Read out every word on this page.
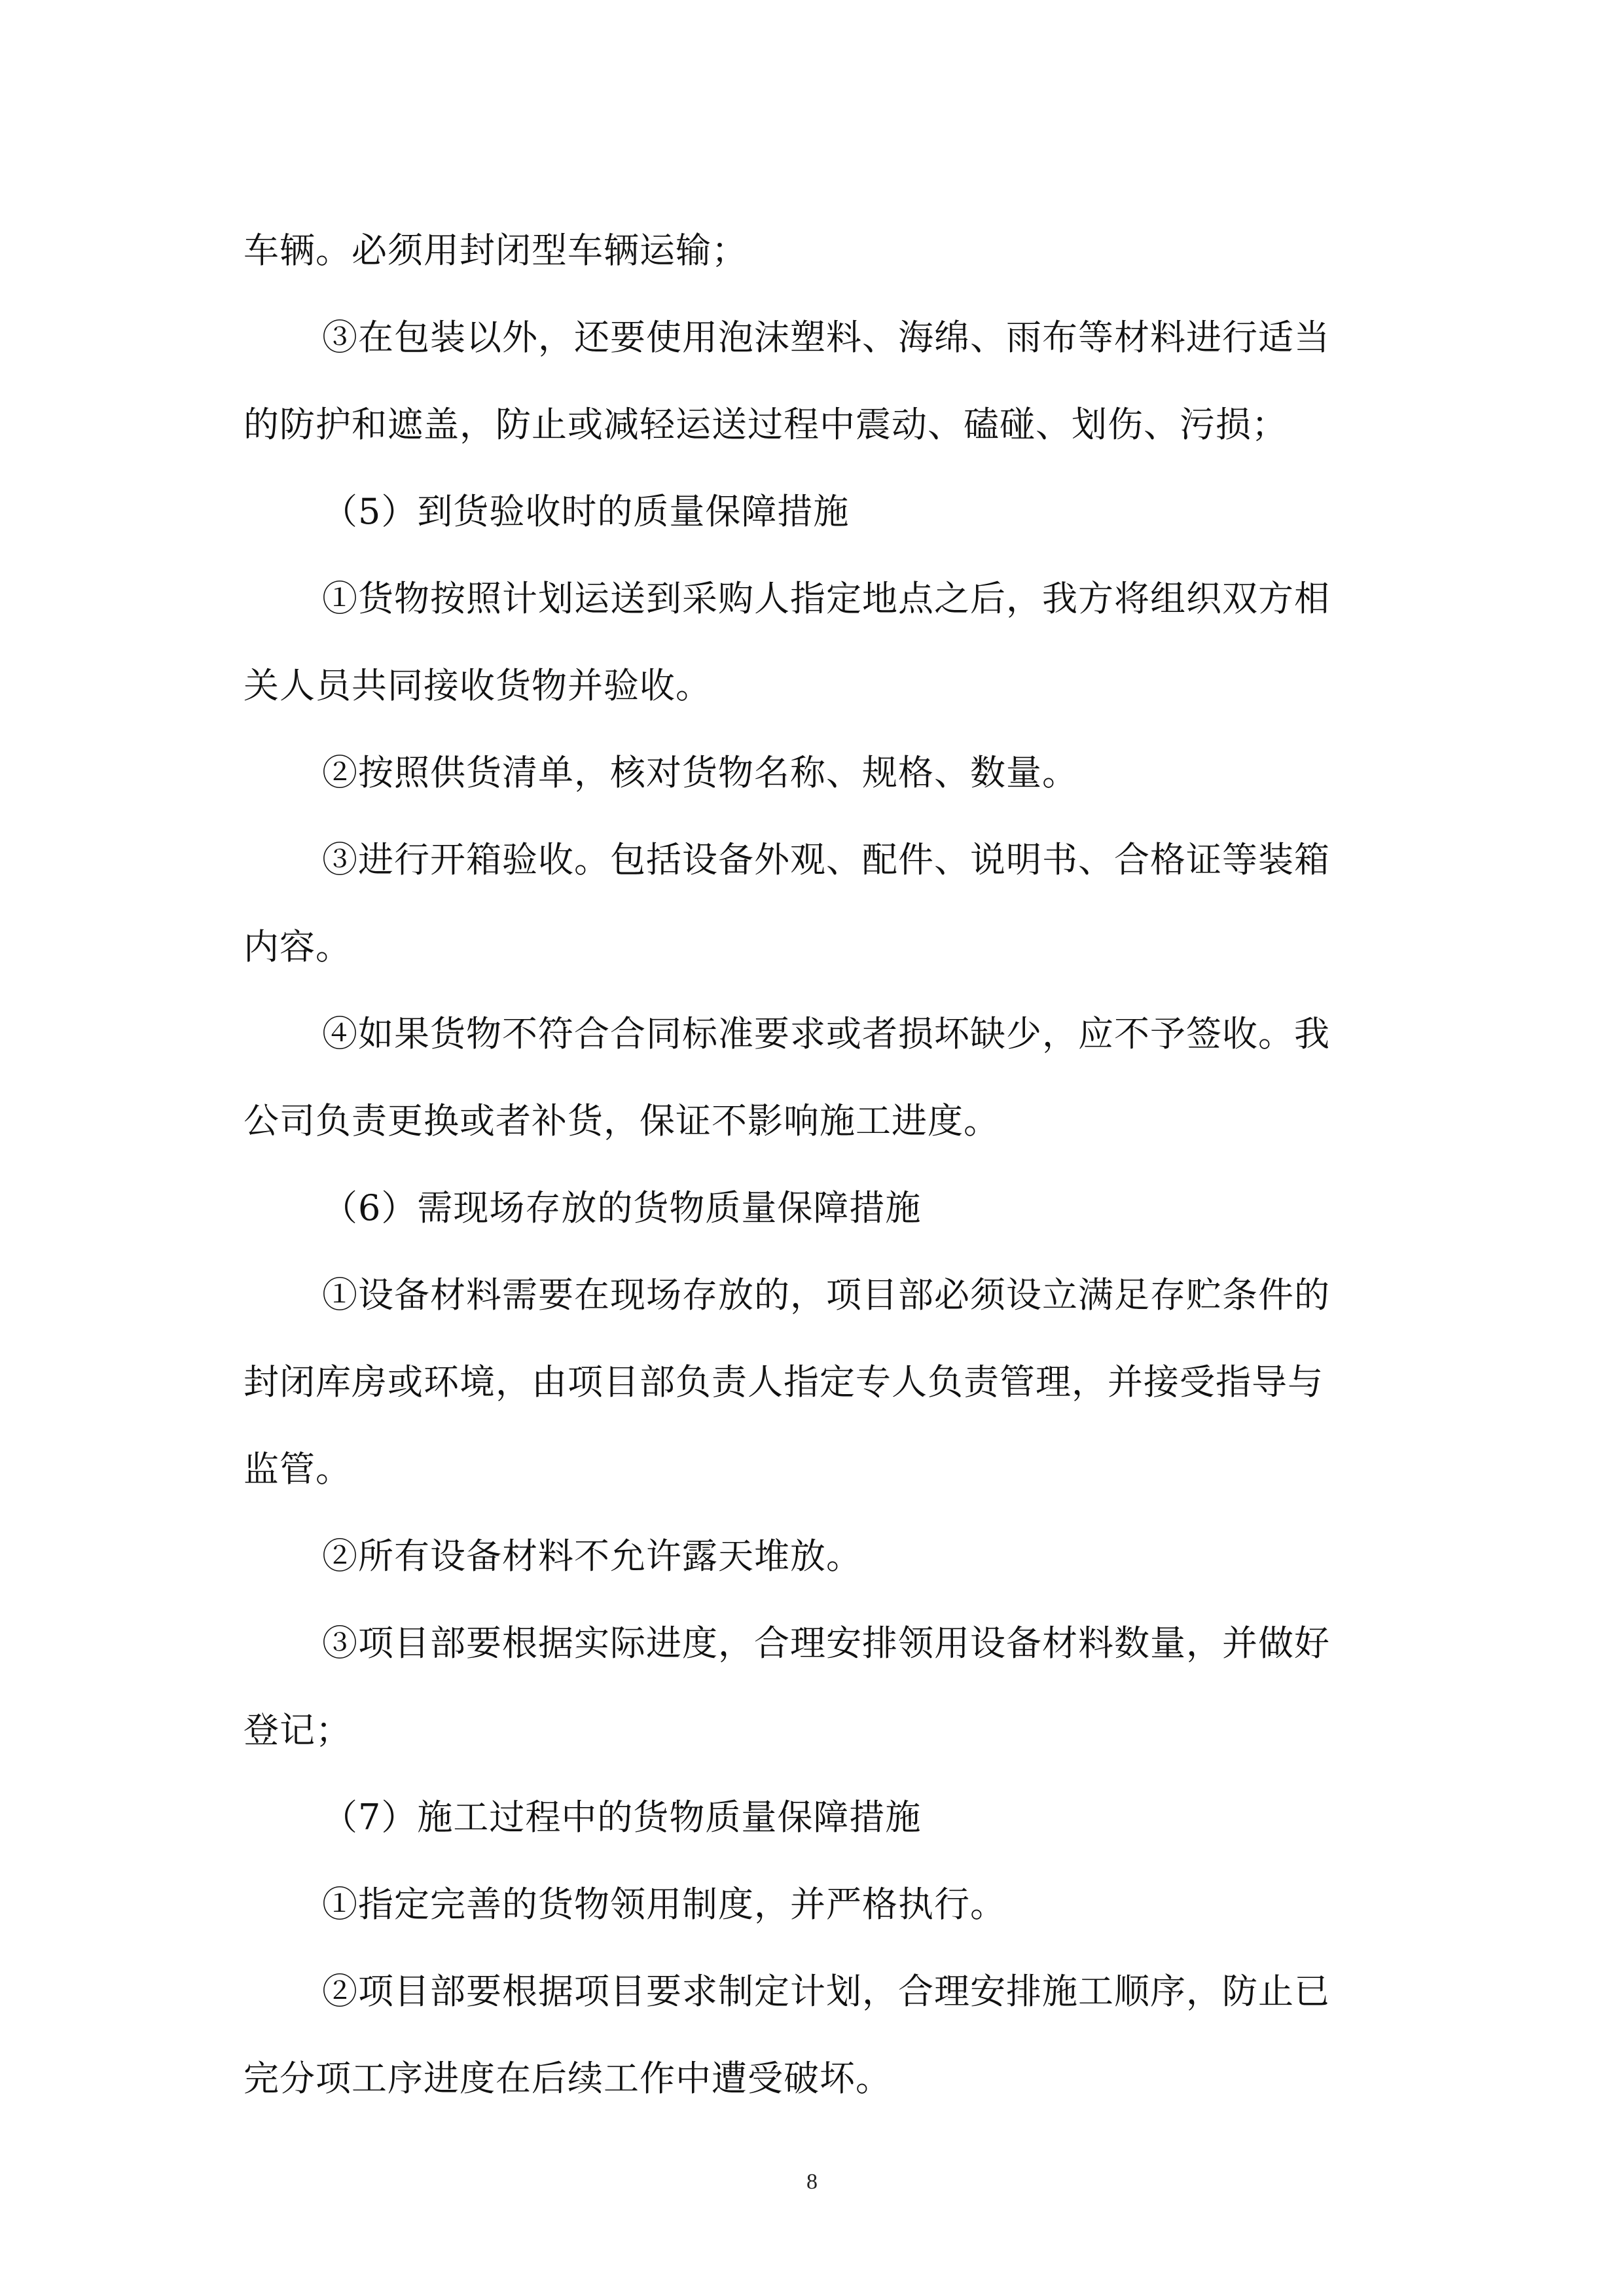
车辆。必须用封闭型车辆运输；
③在包装以外，还要使用泡沫塑料、海绵、雨布等材料进行适当
的防护和遮盖，防止或减轻运送过程中震动、磕碰、划伤、污损；
（5）到货验收时的质量保障措施
①货物按照计划运送到采购人指定地点之后，我方将组织双方相
关人员共同接收货物并验收。
②按照供货清单，核对货物名称、规格、数量。
③进行开箱验收。包括设备外观、配件、说明书、合格证等装箱
内容。
④如果货物不符合合同标准要求或者损坏缺少，应不予签收。我
公司负责更换或者补货，保证不影响施工进度。
（6）需现场存放的货物质量保障措施
①设备材料需要在现场存放的，项目部必须设立满足存贮条件的
封闭库房或环境，由项目部负责人指定专人负责管理，并接受指导与
监管。
②所有设备材料不允许露天堆放。
③项目部要根据实际进度，合理安排领用设备材料数量，并做好
登记；
（7）施工过程中的货物质量保障措施
①指定完善的货物领用制度，并严格执行。
②项目部要根据项目要求制定计划，合理安排施工顺序，防止已
完分项工序进度在后续工作中遭受破坏。
8
